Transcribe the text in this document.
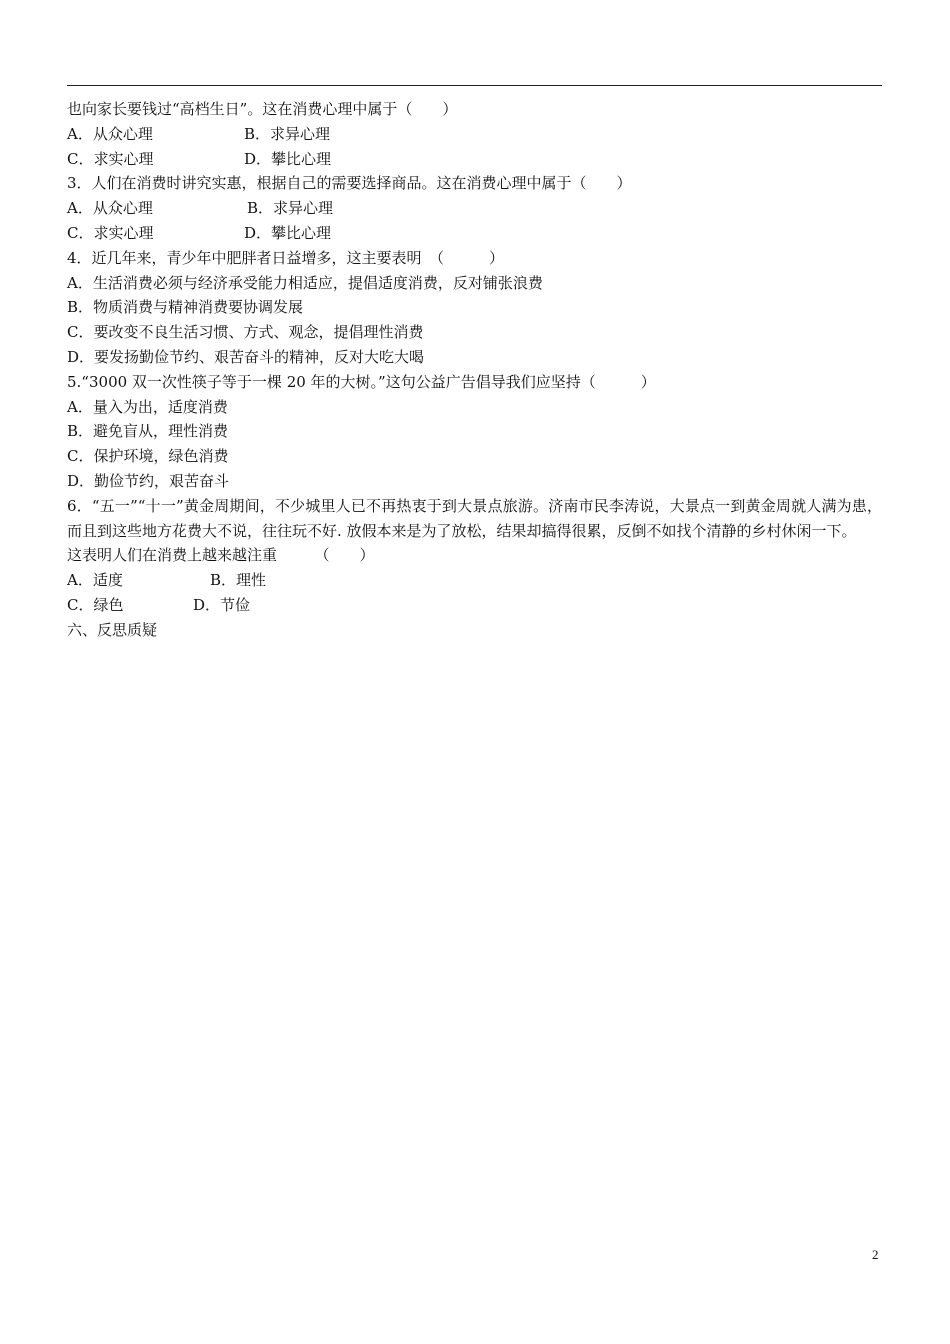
也向家长要钱过“高档生日”。这在消费心理中属于（　　）
A．从众心理	B．求异心理
C．求实心理	D．攀比心理
3．人们在消费时讲究实惠，根据自己的需要选择商品。这在消费心理中属于（　　）
A．从众心理	B．求异心理
C．求实心理	D．攀比心理
4．近几年来，青少年中肥胖者日益增多，这主要表明　（　　　）
A．生活消费必须与经济承受能力相适应，提倡适度消费，反对铺张浪费
B．物质消费与精神消费要协调发展
C．要改变不良生活习惯、方式、观念，提倡理性消费
D．要发扬勤俭节约、艰苦奋斗的精神，反对大吃大喝
5.“3000 双一次性筷子等于一棵 20 年的大树。”这句公益广告倡导我们应坚持（　　　）
A．量入为出，适度消费
B．避免盲从，理性消费
C．保护环境，绿色消费
D．勤俭节约，艰苦奋斗
6．“五一”“十一”黄金周期间，不少城里人已不再热衷于到大景点旅游。济南市民李涛说，大景点一到黄金周就人满为患，而且到这些地方花费大不说，往往玩不好. 放假本来是为了放松，结果却搞得很累，反倒不如找个清静的乡村休闲一下。
这表明人们在消费上越来越注重　　　（　　）
A．适度	B．理性
C．绿色	D．节俭
六、反思质疑
2
